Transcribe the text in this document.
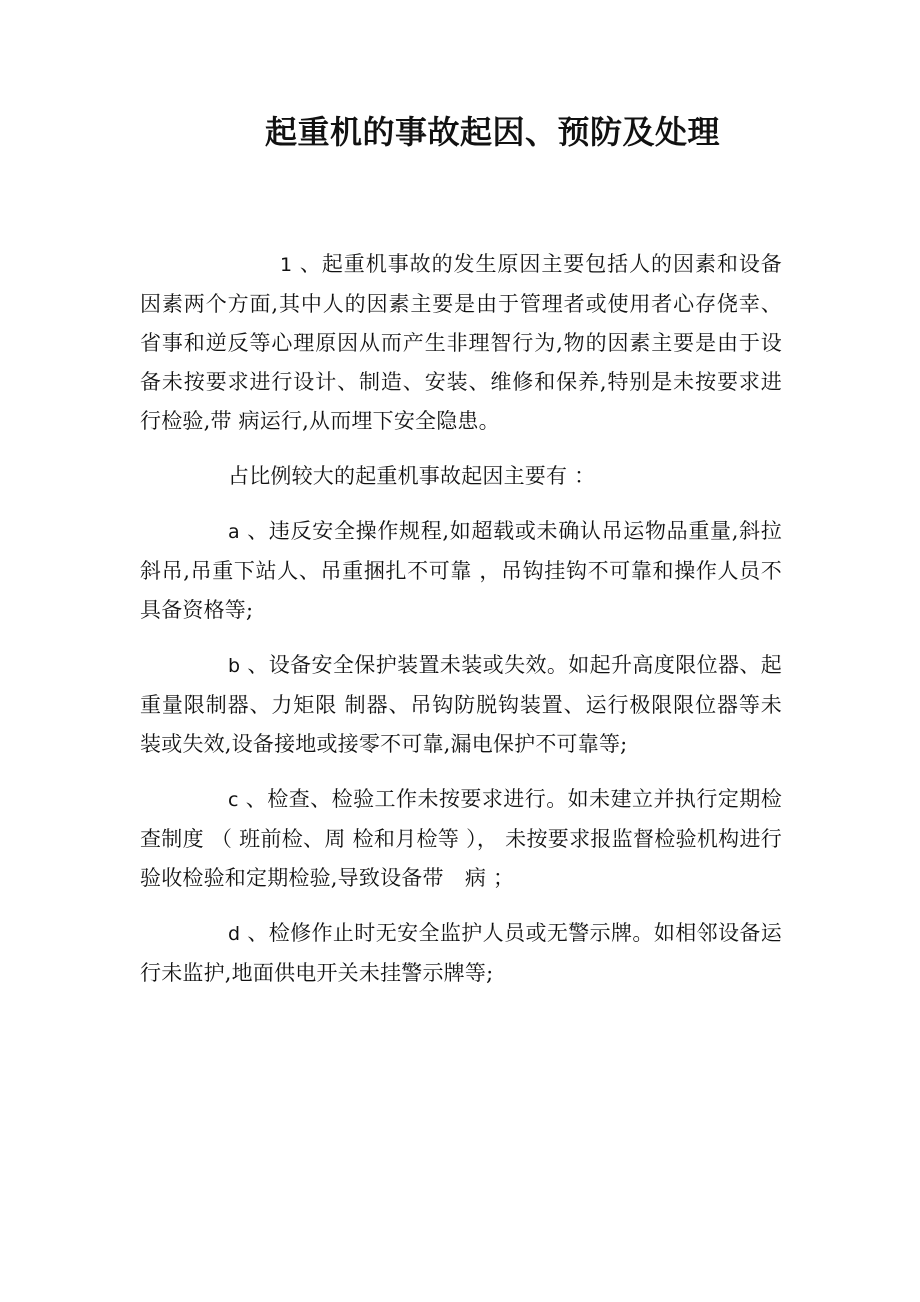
起重机的事故起因、预防及处理

1 、起重机事故的发生原因主要包括人的因素和设备因素两个方面,其中人的因素主要是由于管理者或使用者心存侥幸、省事和逆反等心理原因从而产生非理智行为,物的因素主要是由于设备未按要求进行设计、制造、安装、维修和保养,特别是未按要求进行检验,带 病运行,从而埋下安全隐患。

占比例较大的起重机事故起因主要有 ：

a 、违反安全操作规程,如超载或未确认吊运物品重量,斜拉斜吊,吊重下站人、吊重捆扎不可靠 ，吊钩挂钩不可靠和操作人员不具备资格等;

b 、设备安全保护装置未装或失效。如起升高度限位器、起重量限制器、力矩限 制器、吊钩防脱钩装置、运行极限限位器等未装或失效,设备接地或接零不可靠,漏电保护不可靠等;

c 、检查、检验工作未按要求进行。如未建立并执行定期检查制度 （ 班前检、周 检和月检等 ）， 未按要求报监督检验机构进行验收检验和定期检验,导致设备带　病 ；

d 、检修作止时无安全监护人员或无警示牌。如相邻设备运行未监护,地面供电开关未挂警示牌等;
